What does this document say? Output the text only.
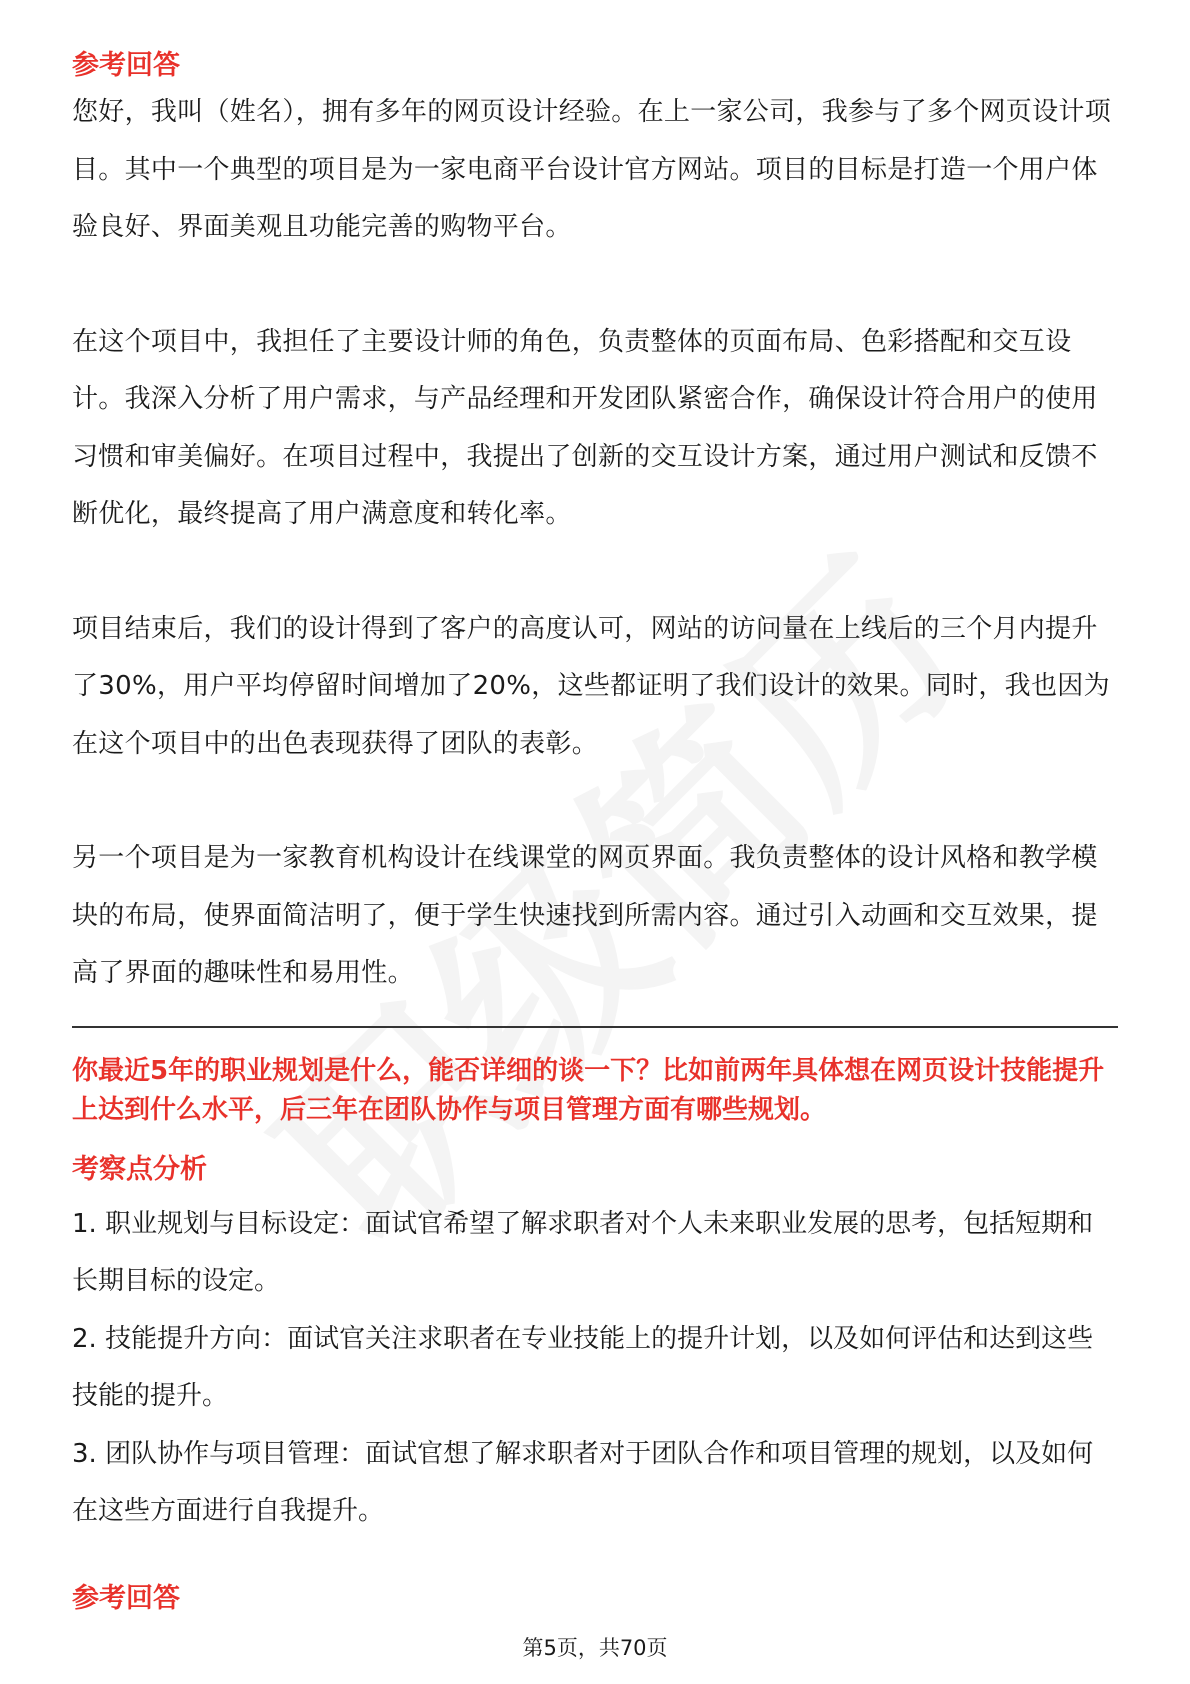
参考回答

您好，我叫（姓名），拥有多年的网页设计经验。在上一家公司，我参与了多个网页设计项目。其中一个典型的项目是为一家电商平台设计官方网站。项目的目标是打造一个用户体验良好、界面美观且功能完善的购物平台。

在这个项目中，我担任了主要设计师的角色，负责整体的页面布局、色彩搭配和交互设计。我深入分析了用户需求，与产品经理和开发团队紧密合作，确保设计符合用户的使用习惯和审美偏好。在项目过程中，我提出了创新的交互设计方案，通过用户测试和反馈不断优化，最终提高了用户满意度和转化率。

项目结束后，我们的设计得到了客户的高度认可，网站的访问量在上线后的三个月内提升了30%，用户平均停留时间增加了20%，这些都证明了我们设计的效果。同时，我也因为在这个项目中的出色表现获得了团队的表彰。

另一个项目是为一家教育机构设计在线课堂的网页界面。我负责整体的设计风格和教学模块的布局，使界面简洁明了，便于学生快速找到所需内容。通过引入动画和交互效果，提高了界面的趣味性和易用性。

你最近5年的职业规划是什么，能否详细的谈一下？比如前两年具体想在网页设计技能提升上达到什么水平，后三年在团队协作与项目管理方面有哪些规划。

考察点分析

1. 职业规划与目标设定：面试官希望了解求职者对个人未来职业发展的思考，包括短期和长期目标的设定。

2. 技能提升方向：面试官关注求职者在专业技能上的提升计划，以及如何评估和达到这些技能的提升。

3. 团队协作与项目管理：面试官想了解求职者对于团队合作和项目管理的规划，以及如何在这些方面进行自我提升。

参考回答
第5页，共70页
